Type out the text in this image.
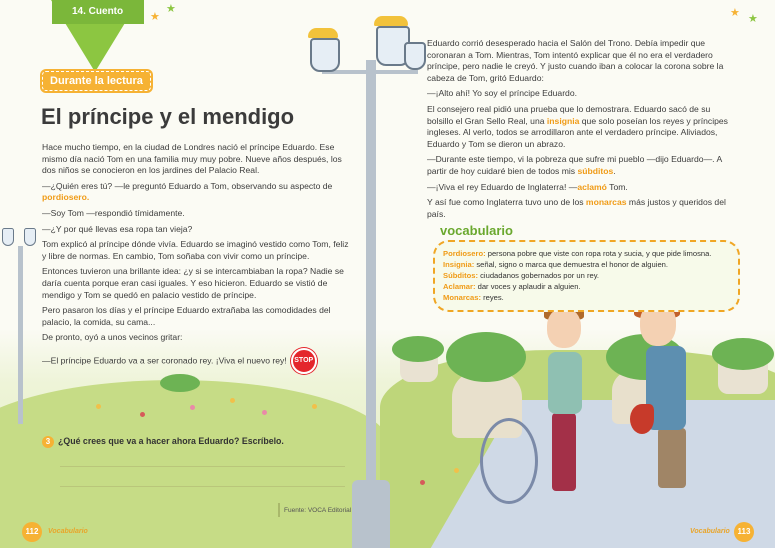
14. Cuento	★
★	★ ★
Durante la lectura
El príncipe y el mendigo

Hace mucho tiempo, en la ciudad de Londres nació el príncipe Eduardo. Ese mismo día nació Tom en una familia muy muy pobre. Nueve años después, los dos niños se conocieron en los jardines del Palacio Real.

—¿Quién eres tú? —le preguntó Eduardo a Tom, observando su aspecto de pordiosero.

—Soy Tom —respondió tímidamente.

—¿Y por qué llevas esa ropa tan vieja?

Tom explicó al príncipe dónde vivía. Eduardo se imaginó vestido como Tom, feliz y libre de normas. En cambio, Tom soñaba con vivir como un príncipe.

Entonces tuvieron una brillante idea: ¿y si se intercambiaban la ropa? Nadie se daría cuenta porque eran casi iguales. Y eso hicieron. Eduardo se vistió de mendigo y Tom se quedó en palacio vestido de príncipe.

Pero pasaron los días y el príncipe Eduardo extrañaba las comodidades del palacio, la comida, su cama...

De pronto, oyó a unos vecinos gritar:

—El príncipe Eduardo va a ser coronado rey. ¡Viva el nuevo rey! STOP

3 ¿Qué crees que va a hacer ahora Eduardo? Escríbelo.
Fuente: VOCA Editorial
112	Vocabulario

Eduardo corrió desesperado hacia el Salón del Trono. Debía impedir que coronaran a Tom. Mientras, Tom intentó explicar que él no era el verdadero príncipe, pero nadie le creyó. Y justo cuando iban a colocar la corona sobre la cabeza de Tom, gritó Eduardo:

—¡Alto ahí! Yo soy el príncipe Eduardo.

El consejero real pidió una prueba que lo demostrara. Eduardo sacó de su bolsillo el Gran Sello Real, una insignia que solo poseían los reyes y príncipes ingleses. Al verlo, todos se arrodillaron ante el verdadero príncipe. Aliviados, Eduardo y Tom se dieron un abrazo.

—Durante este tiempo, vi la pobreza que sufre mi pueblo —dijo Eduardo—. A partir de hoy cuidaré bien de todos mis súbditos.

—¡Viva el rey Eduardo de Inglaterra! —aclamó Tom.

Y así fue como Inglaterra tuvo uno de los monarcas más justos y queridos del país.

vocabulario
Pordiosero: persona pobre que viste con ropa rota y sucia, y que pide limosna.
Insignia: señal, signo o marca que demuestra el honor de alguien.
Súbditos: ciudadanos gobernados por un rey.
Aclamar: dar voces y aplaudir a alguien.
Monarcas: reyes.
Vocabulario 113
